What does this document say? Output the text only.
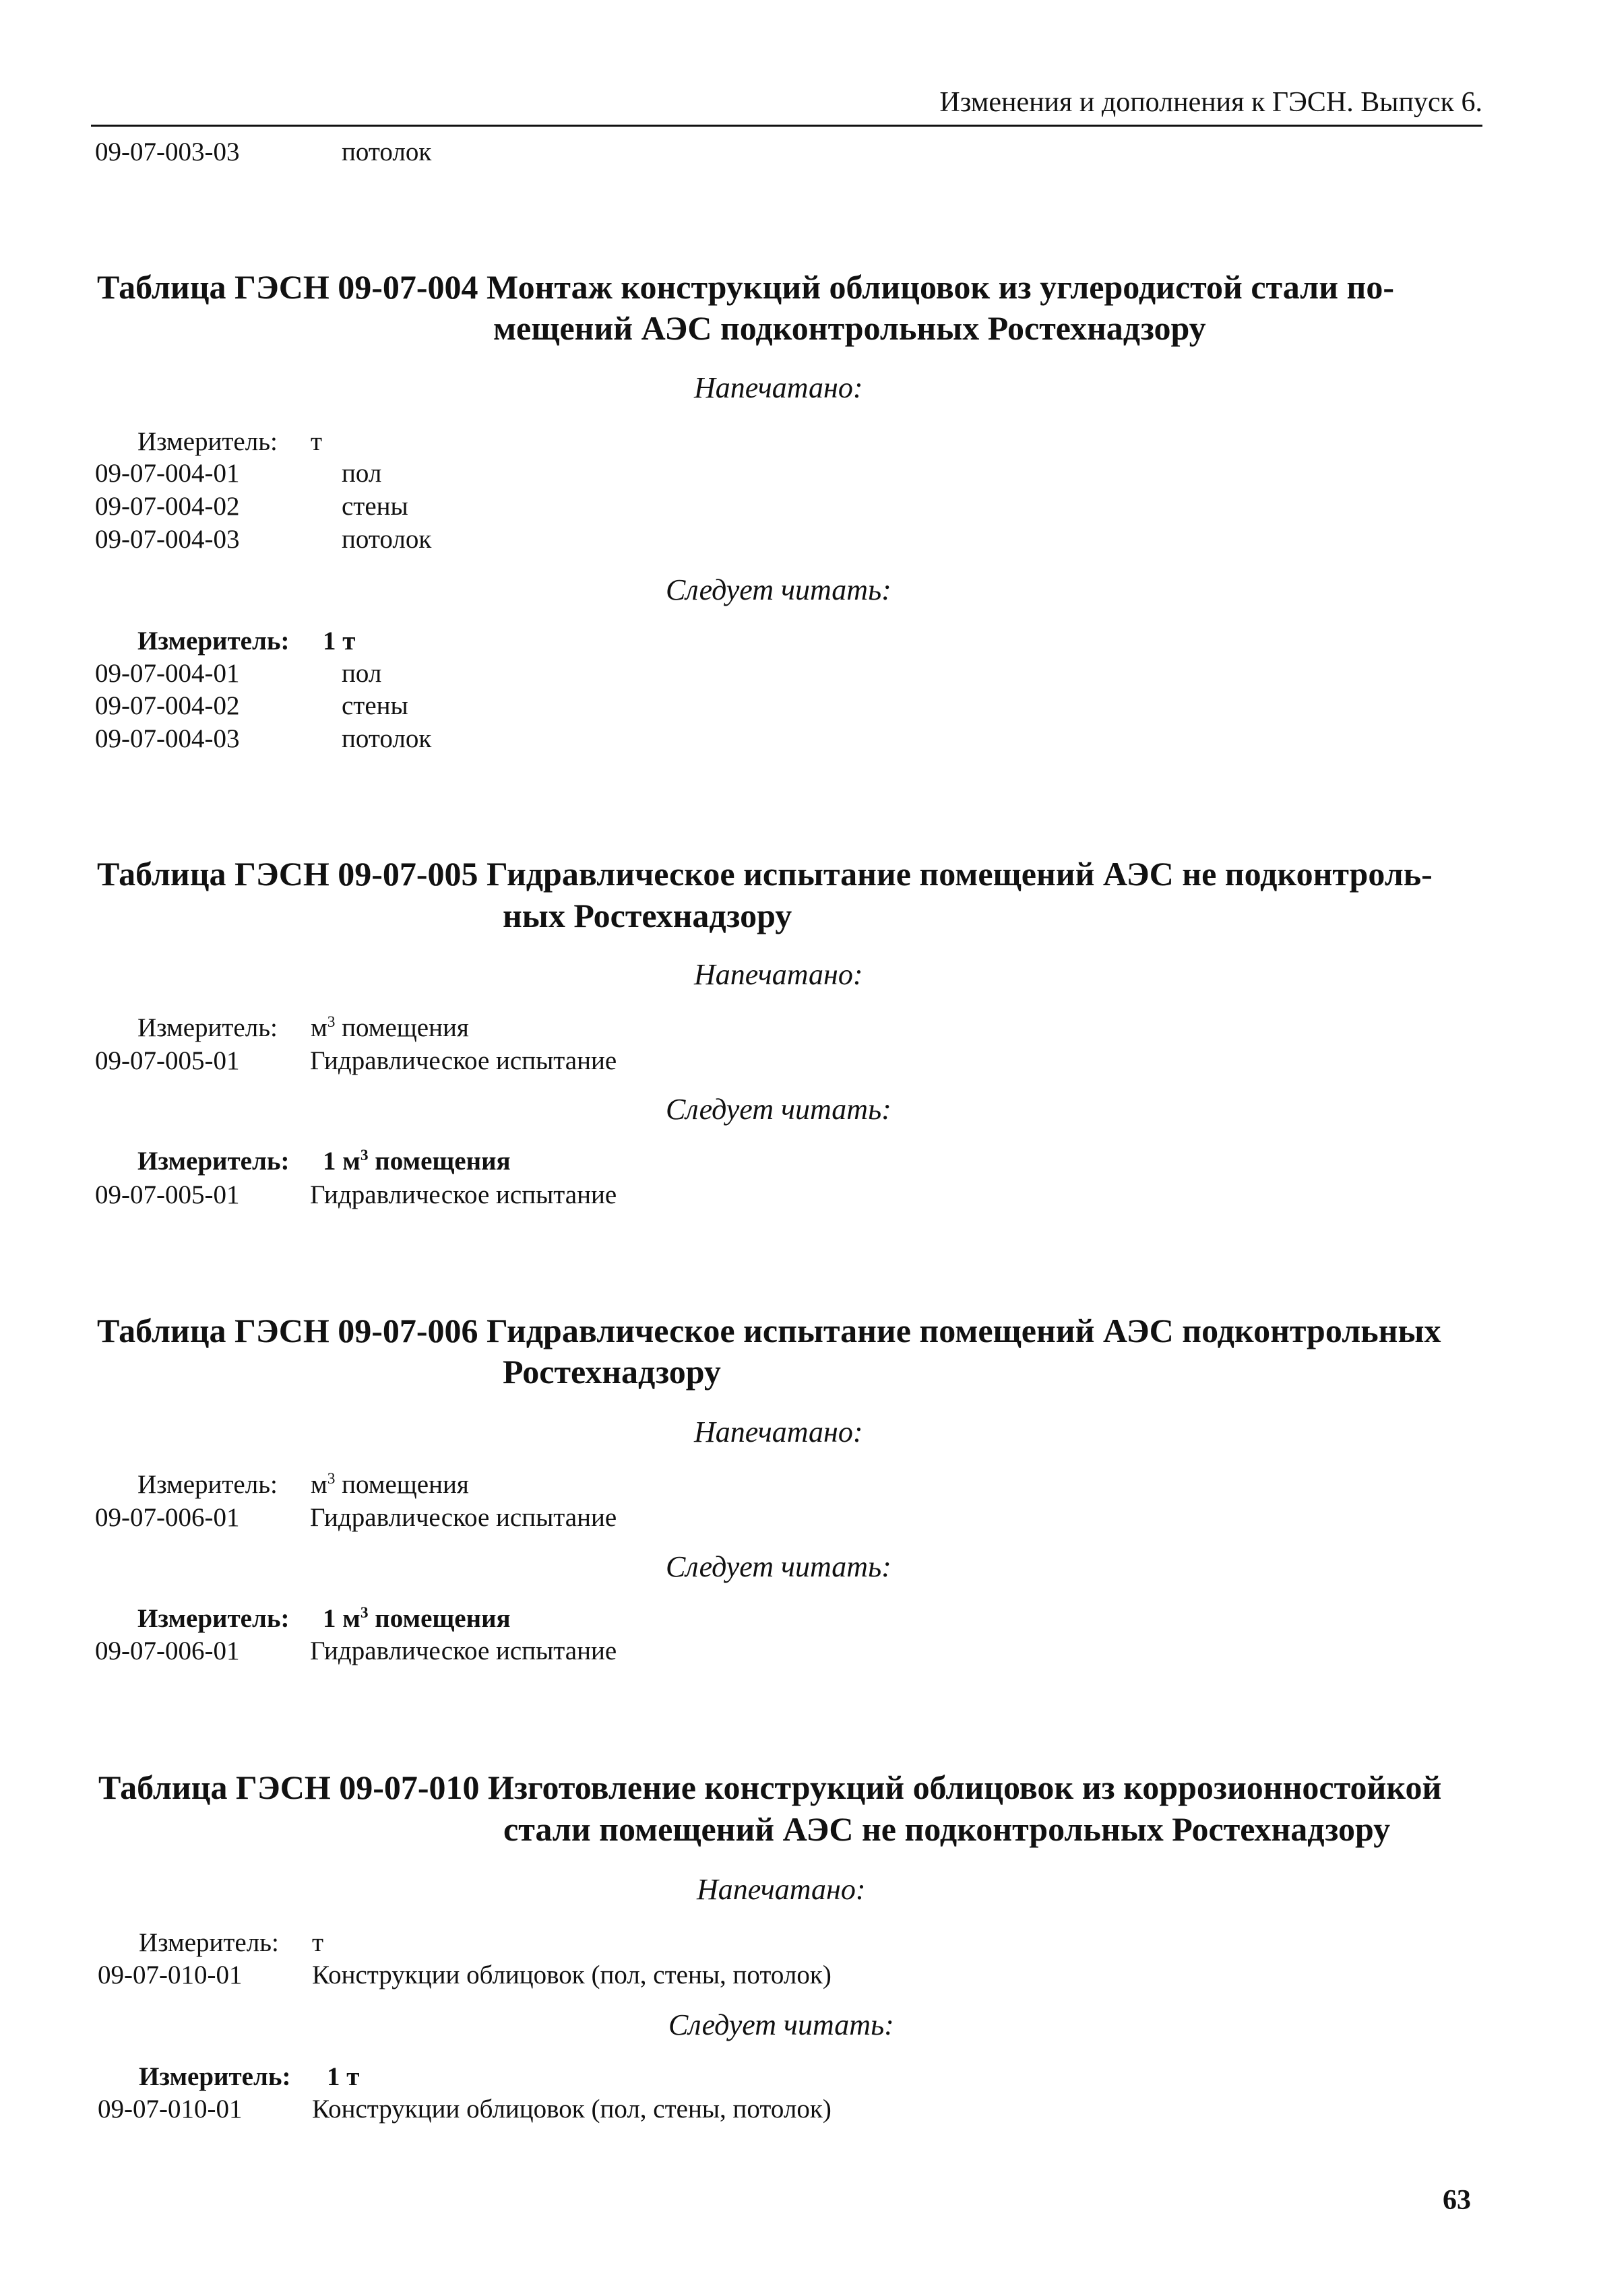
Изменения и дополнения к ГЭСН. Выпуск 6.
09-07-003-03	потолок
Таблица ГЭСН 09-07-004 Монтаж конструкций облицовок из углеродистой стали по-
мещений АЭС подконтрольных Ростехнадзору
Напечатано:
Измеритель: т
09-07-004-01	пол
09-07-004-02	стены
09-07-004-03	потолок
Следует читать:
Измеритель: 1 т
09-07-004-01	пол
09-07-004-02	стены
09-07-004-03	потолок
Таблица ГЭСН 09-07-005 Гидравлическое испытание помещений АЭС не подконтроль-
ных Ростехнадзору
Напечатано:
Измеритель: $м^3$ помещения
09-07-005-01	Гидравлическое испытание
Следует читать:
Измеритель: 1 $м^3$ помещения
09-07-005-01	Гидравлическое испытание
Таблица ГЭСН 09-07-006 Гидравлическое испытание помещений АЭС подконтрольных
Ростехнадзору
Напечатано:
Измеритель: $м^3$ помещения
09-07-006-01	Гидравлическое испытание
Следует читать:
Измеритель: 1 $м^3$ помещения
09-07-006-01	Гидравлическое испытание
Таблица ГЭСН 09-07-010 Изготовление конструкций облицовок из коррозионностойкой
стали помещений АЭС не подконтрольных Ростехнадзору
Напечатано:
Измеритель: т
09-07-010-01	Конструкции облицовок (пол, стены, потолок)
Следует читать:
Измеритель: 1 т
09-07-010-01	Конструкции облицовок (пол, стены, потолок)
63
